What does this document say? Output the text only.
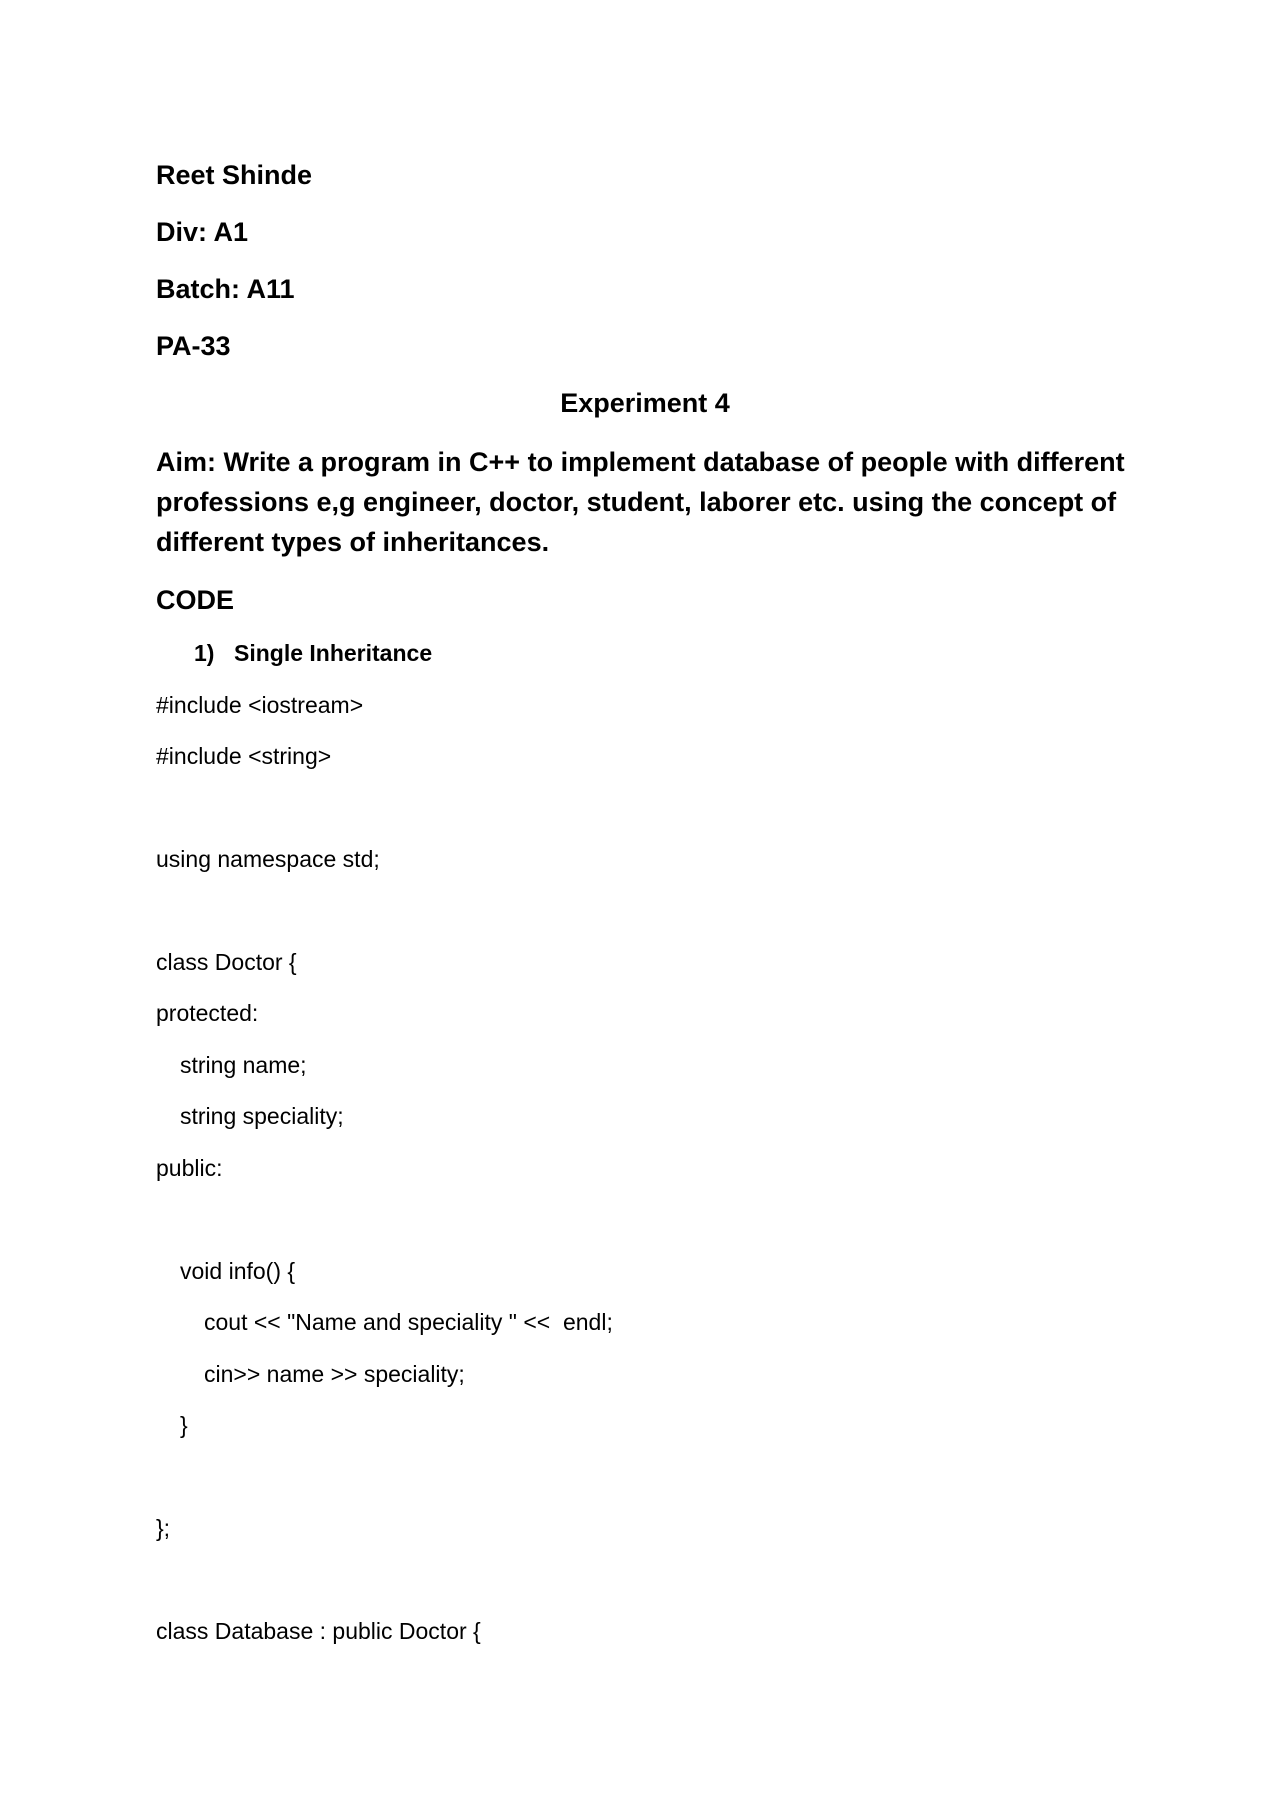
Reet Shinde
Div: A1
Batch: A11
PA-33
Experiment 4

Aim: Write a program in C++ to implement database of people with different

professions e,g engineer, doctor, student, laborer etc. using the concept of

different types of inheritances.

CODE
1) Single Inheritance
#include <iostream>
#include <string>
using namespace std;
class Doctor {
protected:
string name;
string speciality;
public:
void info() {
cout << "Name and speciality " <<  endl;
cin>> name >> speciality;
}
};
class Database : public Doctor {
